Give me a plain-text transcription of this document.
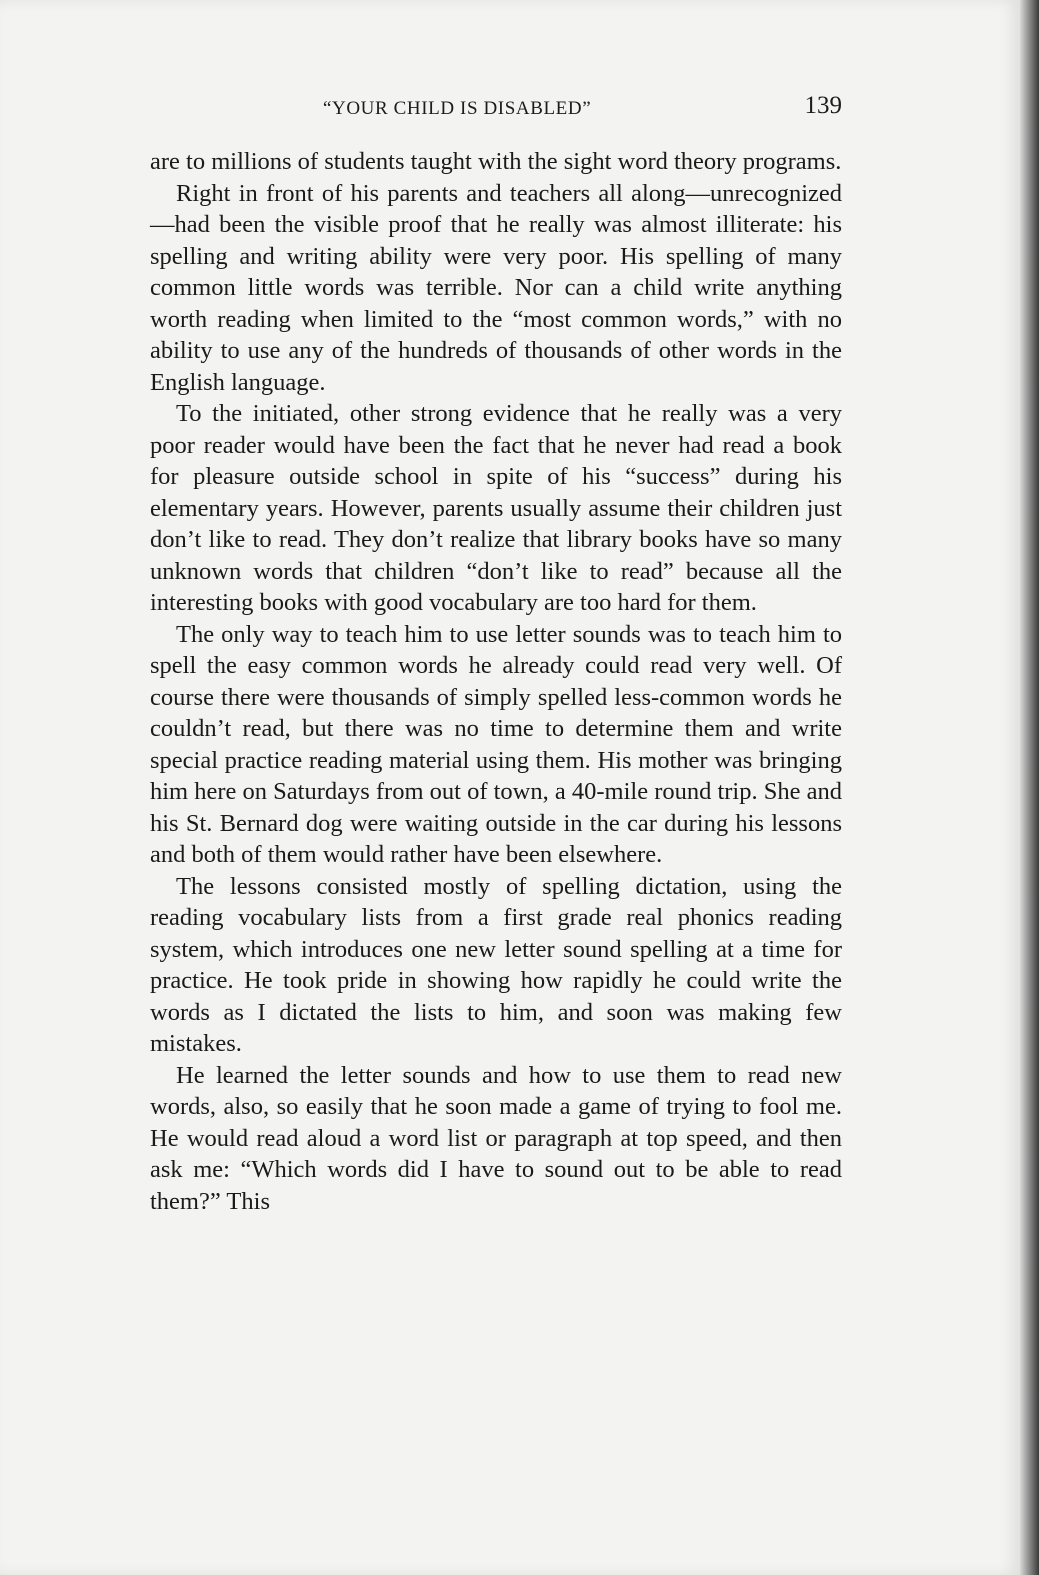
“YOUR CHILD IS DISABLED”	139

are to millions of students taught with the sight word theory programs.

Right in front of his parents and teachers all along—unrecognized—had been the visible proof that he really was almost illiterate: his spelling and writing ability were very poor. His spelling of many common little words was terrible. Nor can a child write anything worth reading when limited to the “most common words,” with no ability to use any of the hundreds of thousands of other words in the English language.

To the initiated, other strong evidence that he really was a very poor reader would have been the fact that he never had read a book for pleasure outside school in spite of his “success” during his elementary years. However, parents usually assume their children just don’t like to read. They don’t realize that library books have so many unknown words that children “don’t like to read” because all the interesting books with good vocabulary are too hard for them.

The only way to teach him to use letter sounds was to teach him to spell the easy common words he already could read very well. Of course there were thousands of simply spelled less-common words he couldn’t read, but there was no time to determine them and write special practice reading material using them. His mother was bringing him here on Saturdays from out of town, a 40-mile round trip. She and his St. Bernard dog were waiting outside in the car during his lessons and both of them would rather have been elsewhere.

The lessons consisted mostly of spelling dictation, using the reading vocabulary lists from a first grade real phonics reading system, which introduces one new letter sound spelling at a time for practice. He took pride in showing how rapidly he could write the words as I dictated the lists to him, and soon was making few mistakes.

He learned the letter sounds and how to use them to read new words, also, so easily that he soon made a game of trying to fool me. He would read aloud a word list or paragraph at top speed, and then ask me: “Which words did I have to sound out to be able to read them?” This
